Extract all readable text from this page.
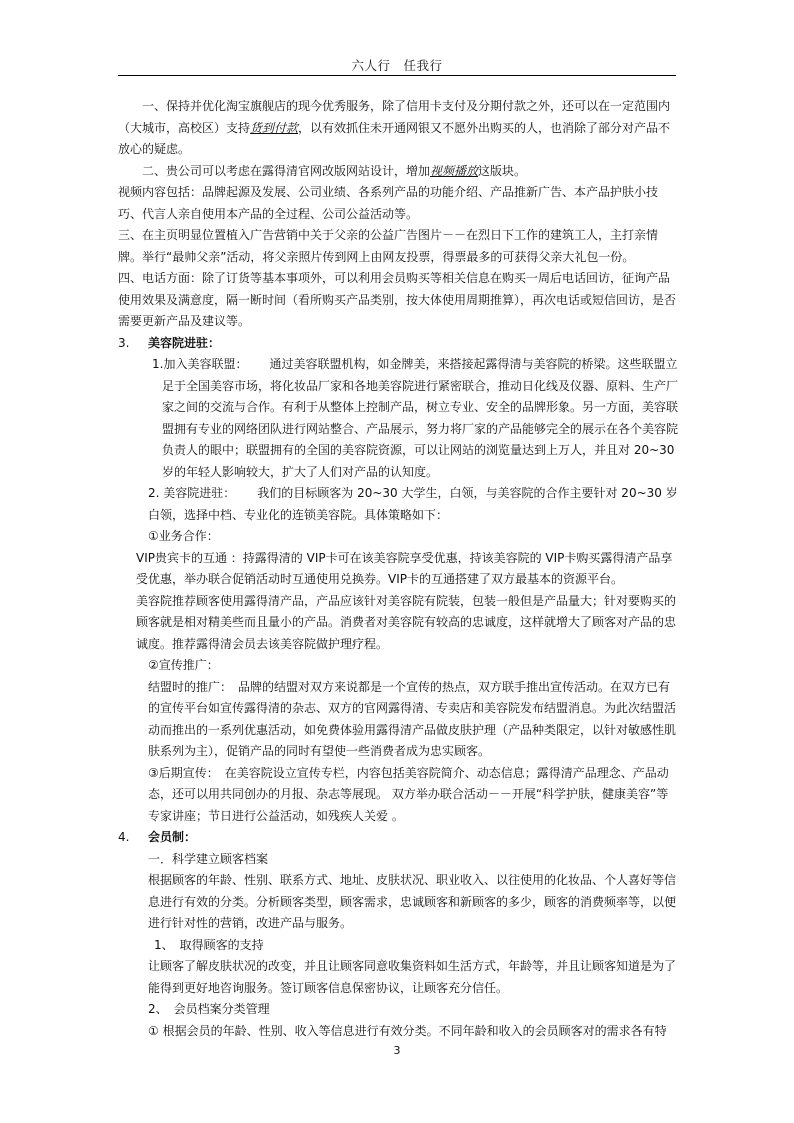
六人行　任我行

一、保持并优化淘宝旗舰店的现今优秀服务，除了信用卡支付及分期付款之外，还可以在一定范围内（大城市，高校区）支持货到付款，以有效抓住未开通网银又不愿外出购买的人，也消除了部分对产品不放心的疑虑。

二、贵公司可以考虑在露得清官网改版网站设计，增加视频播放这版块。

视频内容包括：品牌起源及发展、公司业绩、各系列产品的功能介绍、产品推新广告、本产品护肤小技巧、代言人亲自使用本产品的全过程、公司公益活动等。

三、在主页明显位置植入广告营销中关于父亲的公益广告图片－－在烈日下工作的建筑工人，主打亲情牌。举行“最帅父亲”活动，将父亲照片传到网上由网友投票，得票最多的可获得父亲大礼包一份。

四、电话方面：除了订货等基本事项外，可以利用会员购买等相关信息在购买一周后电话回访，征询产品使用效果及满意度，隔一断时间（看所购买产品类别，按大体使用周期推算），再次电话或短信回访，是否需要更新产品及建议等。

3. 美容院进驻：

1.加入美容联盟： 通过美容联盟机构，如金牌美，来搭接起露得清与美容院的桥梁。这些联盟立足于全国美容市场，将化妆品厂家和各地美容院进行紧密联合，推动日化线及仪器、原料、生产厂家之间的交流与合作。有利于从整体上控制产品，树立专业、安全的品牌形象。另一方面，美容联盟拥有专业的网络团队进行网站整合、产品展示，努力将厂家的产品能够完全的展示在各个美容院负责人的眼中；联盟拥有的全国的美容院资源，可以让网站的浏览量达到上万人，并且对 20~30 岁的年轻人影响较大，扩大了人们对产品的认知度。

2. 美容院进驻： 我们的目标顾客为 20~30 大学生，白领，与美容院的合作主要针对 20~30 岁白领，选择中档、专业化的连锁美容院。具体策略如下：

①业务合作：

VIP贵宾卡的互通 ：持露得清的 VIP卡可在该美容院享受优惠，持该美容院的 VIP卡购买露得清产品享受优惠，举办联合促销活动时互通使用兑换券。VIP卡的互通搭建了双方最基本的资源平台。

美容院推荐顾客使用露得清产品，产品应该针对美容院有院装，包装一般但是产品量大；针对要购买的顾客就是相对精美些而且量小的产品。消费者对美容院有较高的忠诚度，这样就增大了顾客对产品的忠诚度。推荐露得清会员去该美容院做护理疗程。

②宣传推广：

结盟时的推广：　品牌的结盟对双方来说都是一个宣传的热点，双方联手推出宣传活动。在双方已有的宣传平台如宣传露得清的杂志、双方的官网露得清、专卖店和美容院发布结盟消息。为此次结盟活动而推出的一系列优惠活动，如免费体验用露得清产品做皮肤护理（产品种类限定，以针对敏感性肌肤系列为主），促销产品的同时有望使一些消费者成为忠实顾客。

③后期宣传：　在美容院设立宣传专栏，内容包括美容院简介、动态信息；露得清产品理念、产品动态，还可以用共同创办的月报、杂志等展现。 双方举办联合活动－－开展“科学护肤，健康美容”等专家讲座；节日进行公益活动，如残疾人关爱 。

4. 会员制：

一．科学建立顾客档案

根据顾客的年龄、性别、联系方式、地址、皮肤状况、职业收入、以往使用的化妆品、个人喜好等信息进行有效的分类。分析顾客类型，顾客需求，忠诚顾客和新顾客的多少，顾客的消费频率等，以便进行针对性的营销，改进产品与服务。

1、　取得顾客的支持

让顾客了解皮肤状况的改变，并且让顾客同意收集资料如生活方式，年龄等，并且让顾客知道是为了能得到更好地咨询服务。签订顾客信息保密协议，让顾客充分信任。

2、　会员档案分类管理

① 根据会员的年龄、性别、收入等信息进行有效分类。不同年龄和收入的会员顾客对的需求各有特

3
